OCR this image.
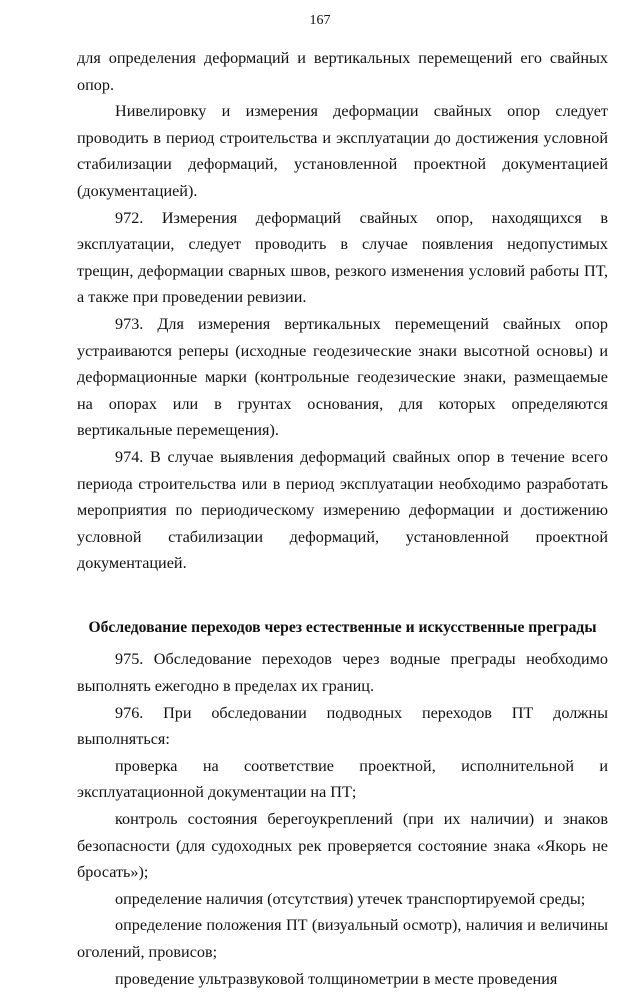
167

для определения деформаций и вертикальных перемещений его свайных опор.

Нивелировку и измерения деформации свайных опор следует проводить в период строительства и эксплуатации до достижения условной стабилизации деформаций, установленной проектной документацией (документацией).

972. Измерения деформаций свайных опор, находящихся в эксплуатации, следует проводить в случае появления недопустимых трещин, деформации сварных швов, резкого изменения условий работы ПТ, а также при проведении ревизии.

973. Для измерения вертикальных перемещений свайных опор устраиваются реперы (исходные геодезические знаки высотной основы) и деформационные марки (контрольные геодезические знаки, размещаемые на опорах или в грунтах основания, для которых определяются вертикальные перемещения).

974. В случае выявления деформаций свайных опор в течение всего периода строительства или в период эксплуатации необходимо разработать мероприятия по периодическому измерению деформации и достижению условной стабилизации деформаций, установленной проектной документацией.

Обследование переходов через естественные и искусственные преграды

975. Обследование переходов через водные преграды необходимо выполнять ежегодно в пределах их границ.

976. При обследовании подводных переходов ПТ должны выполняться:

проверка на соответствие проектной, исполнительной и эксплуатационной документации на ПТ;

контроль состояния берегоукреплений (при их наличии) и знаков безопасности (для судоходных рек проверяется состояние знака «Якорь не бросать»);

определение наличия (отсутствия) утечек транспортируемой среды;

определение положения ПТ (визуальный осмотр), наличия и величины оголений, провисов;

проведение ультразвуковой толщинометрии в месте проведения
